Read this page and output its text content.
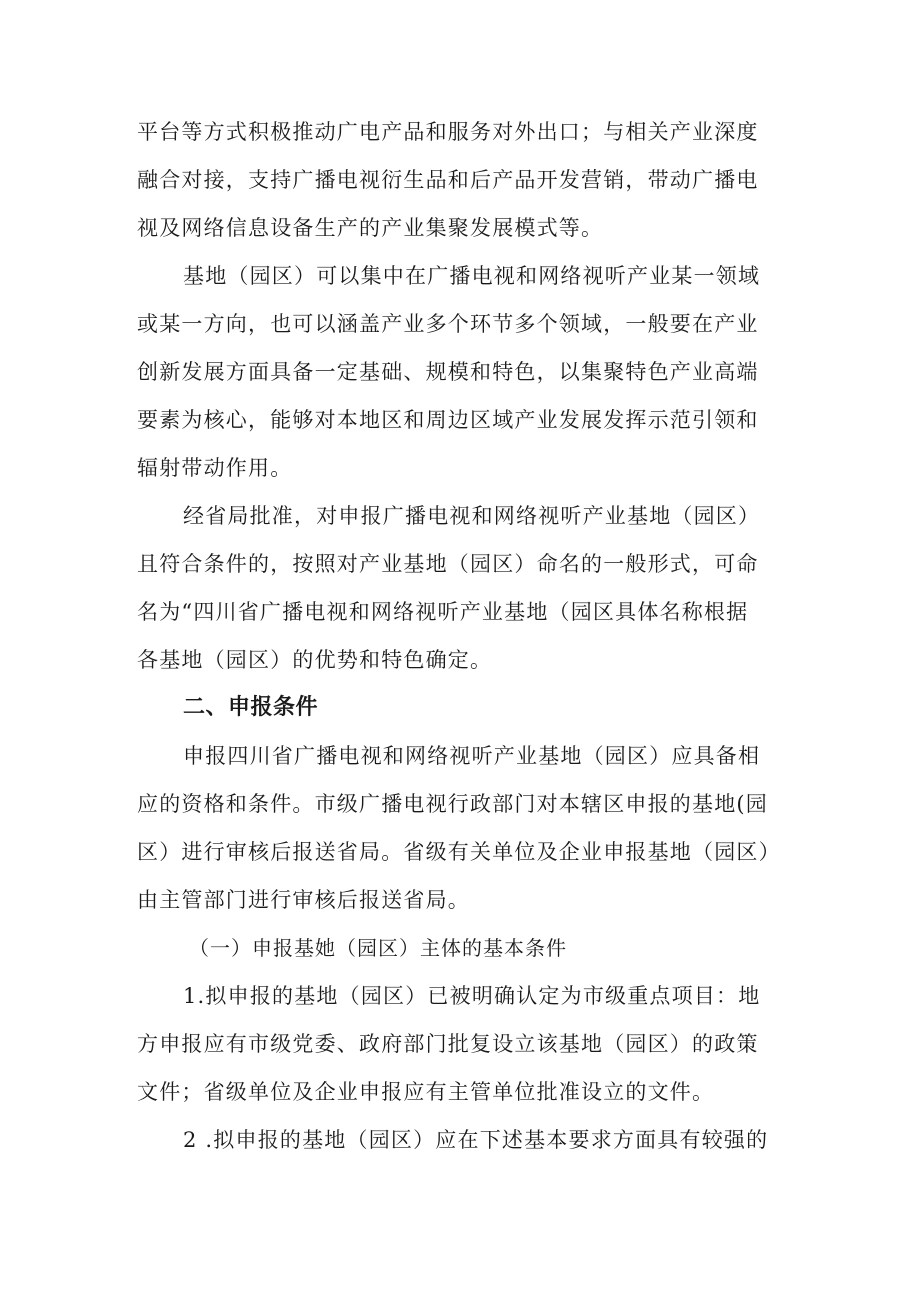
平台等方式积极推动广电产品和服务对外出口；与相关产业深度
融合对接，支持广播电视衍生品和后产品开发营销，带动广播电
视及网络信息设备生产的产业集聚发展模式等。
基地（园区）可以集中在广播电视和网络视听产业某一领域
或某一方向，也可以涵盖产业多个环节多个领域，一般要在产业
创新发展方面具备一定基础、规模和特色，以集聚特色产业高端
要素为核心，能够对本地区和周边区域产业发展发挥示范引领和
辐射带动作用。
经省局批准，对申报广播电视和网络视听产业基地（园区）
且符合条件的，按照对产业基地（园区）命名的一般形式，可命
名为“四川省广播电视和网络视听产业基地（园区具体名称根据
各基地（园区）的优势和特色确定。
二、申报条件
申报四川省广播电视和网络视听产业基地（园区）应具备相
应的资格和条件。市级广播电视行政部门对本辖区申报的基地(园
区）进行审核后报送省局。省级有关单位及企业申报基地（园区）
由主管部门进行审核后报送省局。
（一）申报基她（园区）主体的基本条件
1.拟申报的基地（园区）已被明确认定为市级重点项目：地
方申报应有市级党委、政府部门批复设立该基地（园区）的政策
文件；省级单位及企业申报应有主管单位批准设立的文件。
2 .拟申报的基地（园区）应在下述基本要求方面具有较强的
